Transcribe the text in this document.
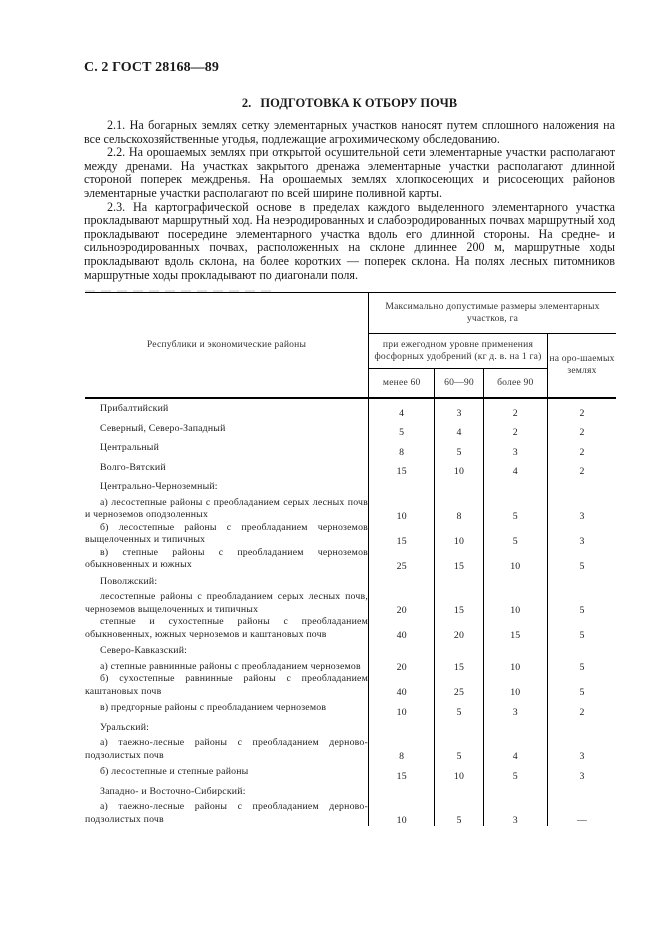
С. 2 ГОСТ 28168—89
2. ПОДГОТОВКА К ОТБОРУ ПОЧВ

2.1. На богарных землях сетку элементарных участков наносят путем сплошного наложения на все сельскохозяйственные угодья, подлежащие агрохимическому обследованию.

2.2. На орошаемых землях при открытой осушительной сети элементарные участки располагают между дренами. На участках закрытого дренажа элементарные участки располагают длинной стороной поперек междренья. На орошаемых землях хлопкосеющих и рисосеющих районов элементарные участки располагают по всей ширине поливной карты.

2.3. На картографической основе в пределах каждого выделенного элементарного участка прокладывают маршрутный ход. На неэродированных и слабоэродированных почвах маршрутный ход прокладывают посередине элементарного участка вдоль его длинной стороны. На средне- и сильноэродированных почвах, расположенных на склоне длиннее 200 м, маршрутные ходы прокладывают вдоль склона, на более коротких — поперек склона. На полях лесных питомников маршрутные ходы прокладывают по диагонали поля.

Республики и экономические районы	Максимально допустимые размеры элементарных участков, га			
	при ежегодном уровне применения фосфорных удобрений (кг д. в. на 1 га)			на оро-шаемых землях
	менее 60	60—90	более 90	
Прибалтийский	4	3	2	2
Северный, Северо-Западный	5	4	2	2
Центральный	8	5	3	2
Волго-Вятский	15	10	4	2
Центрально-Черноземный:				
а) лесостепные районы с преобладанием серых лесных почв и черноземов оподзоленных	10	8	5	3
б) лесостепные районы с преобладанием черноземов выщелоченных и типичных	15	10	5	3
в) степные районы с преобладанием черноземов обыкновенных и южных	25	15	10	5
Поволжский:				
лесостепные районы с преобладанием серых лесных почв, черноземов выщелоченных и типичных	20	15	10	5
степные и сухостепные районы с преобладанием обыкновенных, южных черноземов и каштановых почв	40	20	15	5
Северо-Кавказский:				
а) степные равнинные районы с преобладанием черноземов	20	15	10	5
б) сухостепные равнинные районы с преобладанием каштановых почв	40	25	10	5
в) предгорные районы с преобладанием черноземов	10	5	3	2
Уральский:				
а) таежно-лесные районы с преобладанием дерново-подзолистых почв	8	5	4	3
б) лесостепные и степные районы	15	10	5	3
Западно- и Восточно-Сибирский:				
а) таежно-лесные районы с преобладанием дерново-подзолистых почв	10	5	3	—
